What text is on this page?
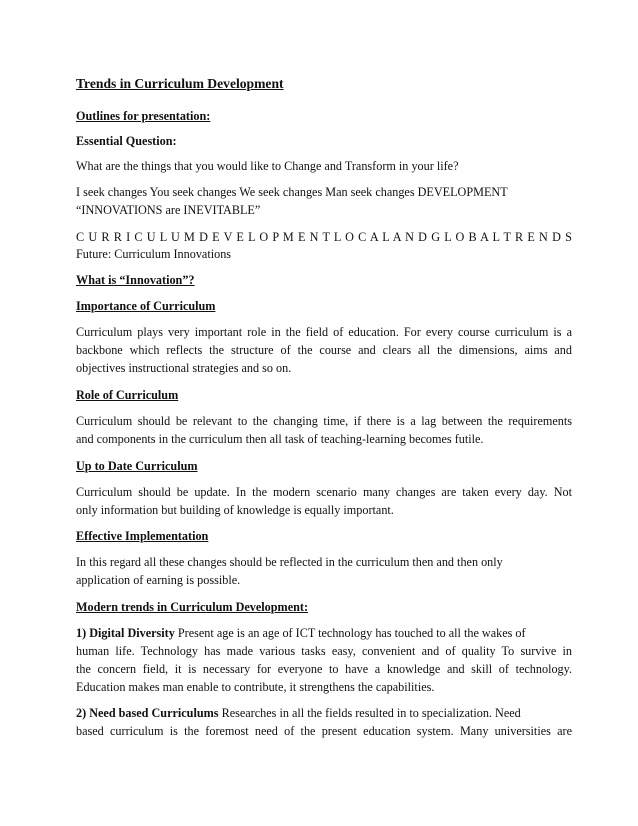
Trends in Curriculum Development

Outlines for presentation:

Essential Question:

What are the things that you would like to Change and Transform in your life?

I seek changes You seek changes We seek changes Man seek changes DEVELOPMENT

“INNOVATIONS are INEVITABLE”

C U R R I C U L U M D E V E L O P M E N T L O C A L A N D G L O B A L T R E N D S

Future: Curriculum Innovations

What is “Innovation”?

Importance of Curriculum

Curriculum plays very important role in the field of education. For every course curriculum is a

backbone which reflects the structure of the course and clears all the dimensions, aims and

objectives instructional strategies and so on.

Role of Curriculum

Curriculum should be relevant to the changing time, if there is a lag between the requirements

and components in the curriculum then all task of teaching-learning becomes futile.

Up to Date Curriculum

Curriculum should be update. In the modern scenario many changes are taken every day. Not

only information but building of knowledge is equally important.

Effective Implementation

In this regard all these changes should be reflected in the curriculum then and then only

application of earning is possible.

Modern trends in Curriculum Development:

1) Digital Diversity Present age is an age of ICT technology has touched to all the wakes of

human life. Technology has made various tasks easy, convenient and of quality To survive in

the concern field, it is necessary for everyone to have a knowledge and skill of technology.

Education makes man enable to contribute, it strengthens the capabilities.

2) Need based Curriculums Researches in all the fields resulted in to specialization. Need

based curriculum is the foremost need of the present education system. Many universities are
